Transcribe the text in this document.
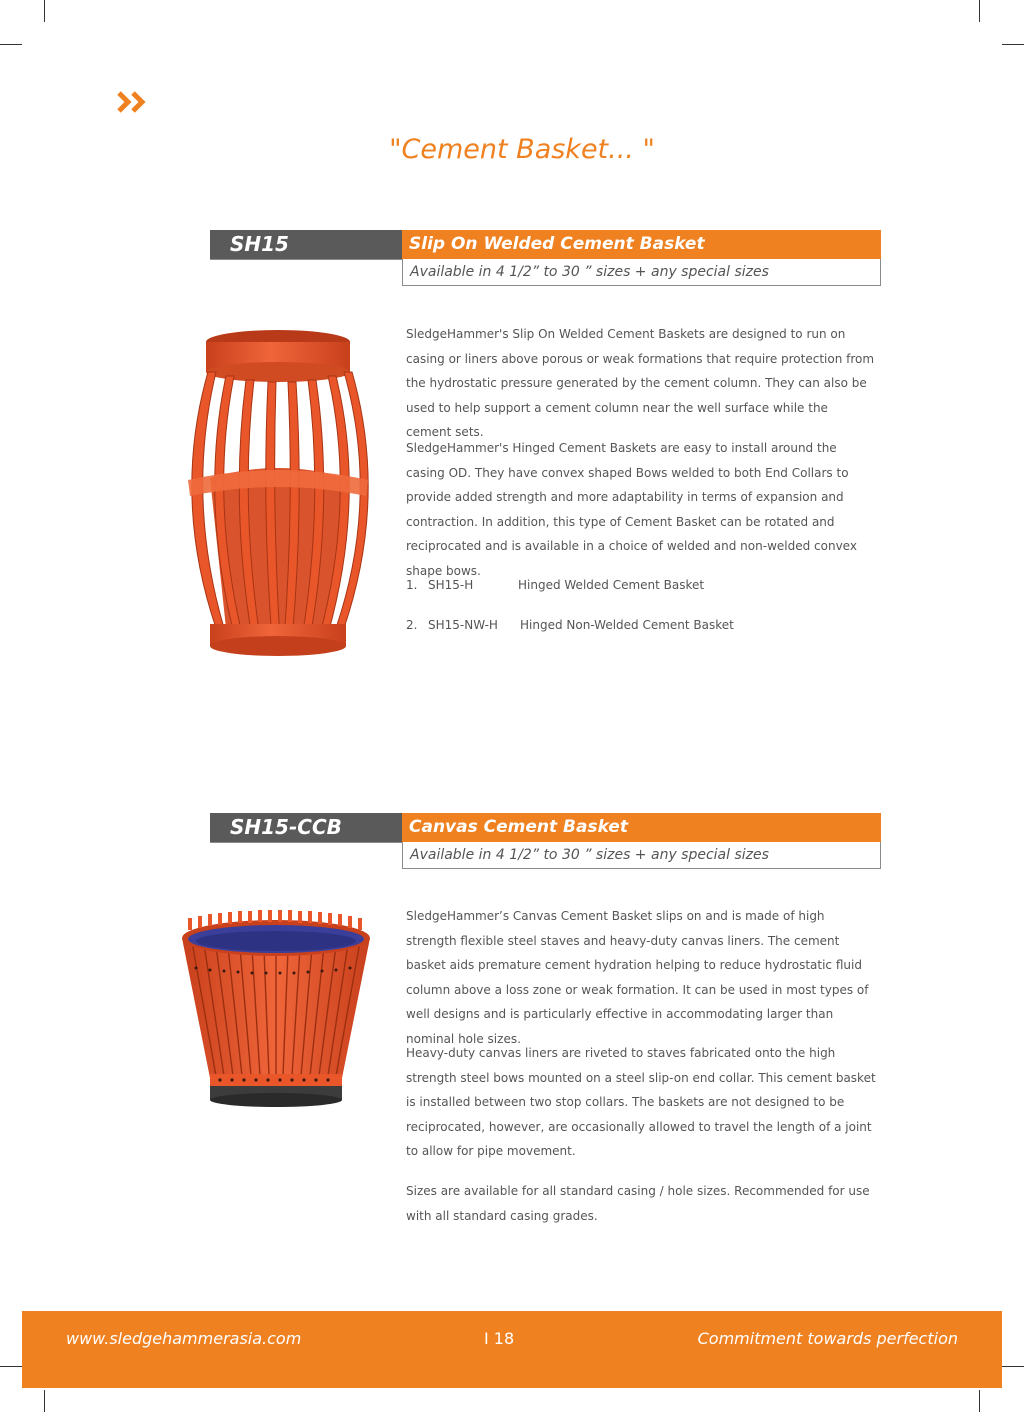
"Cement Basket... "
SH15	Slip On Welded Cement Basket
Available in 4 1/2” to 30 ” sizes + any special sizes

SledgeHammer's Slip On Welded Cement Baskets are designed to run on casing or liners above porous or weak formations that require protection from the hydrostatic pressure generated by the cement column. They can also be used to help support a cement column near the well surface while the cement sets.

SledgeHammer's Hinged Cement Baskets are easy to install around the casing OD. They have convex shaped Bows welded to both End Collars to provide added strength and more adaptability in terms of expansion and contraction. In addition, this type of Cement Basket can be rotated and reciprocated and is available in a choice of welded and non-welded convex shape bows.

1. SH15-H	Hinged Welded Cement Basket
2. SH15-NW-H Hinged Non-Welded Cement Basket
SH15-CCB	Canvas Cement Basket
Available in 4 1/2” to 30 ” sizes + any special sizes

SledgeHammer’s Canvas Cement Basket slips on and is made of high strength flexible steel staves and heavy-duty canvas liners. The cement basket aids premature cement hydration helping to reduce hydrostatic fluid column above a loss zone or weak formation. It can be used in most types of well designs and is particularly effective in accommodating larger than nominal hole sizes.

Heavy-duty canvas liners are riveted to staves fabricated onto the high strength steel bows mounted on a steel slip-on end collar. This cement basket is installed between two stop collars. The baskets are not designed to be reciprocated, however, are occasionally allowed to travel the length of a joint to allow for pipe movement.

Sizes are available for all standard casing / hole sizes. Recommended for use with all standard casing grades.

www.sledgehammerasia.com	I 18	Commitment towards perfection
